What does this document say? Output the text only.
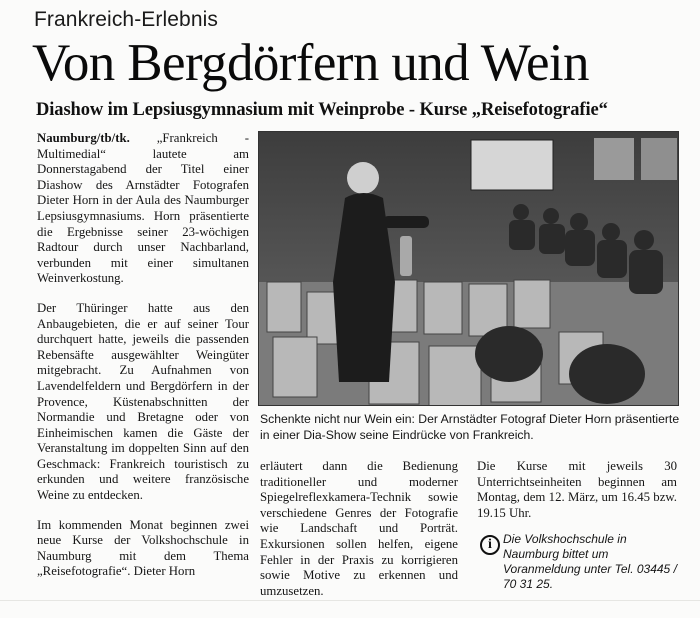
Frankreich-Erlebnis
Von Bergdörfern und Wein
Diashow im Lepsiusgymnasium mit Weinprobe - Kurse „Reisefotografie“

Naumburg/tb/tk. „Frankreich - Multimedial“ lautete am Donnerstagabend der Titel einer Diashow des Arnstädter Fotografen Dieter Horn in der Aula des Naumburger Lepsiusgymnasiums. Horn präsentierte die Ergebnisse seiner 23-wöchigen Radtour durch unser Nachbarland, verbunden mit einer simultanen Weinverkostung.

Der Thüringer hatte aus den Anbaugebieten, die er auf seiner Tour durchquert hatte, jeweils die passenden Rebensäfte ausgewählter Weingüter mitgebracht. Zu Aufnahmen von Lavendelfeldern und Bergdörfern in der Provence, Küstenabschnitten der Normandie und Bretagne oder von Einheimischen kamen die Gäste der Veranstaltung im doppelten Sinn auf den Geschmack: Frankreich touristisch zu erkunden und weitere französische Weine zu entdecken.

Im kommenden Monat beginnen zwei neue Kurse der Volkshochschule in Naumburg mit dem Thema „Reisefotografie“. Dieter Horn

Schenkte nicht nur Wein ein: Der Arnstädter Fotograf Dieter Horn präsentierte in einer Dia-Show seine Eindrücke von Frankreich.

erläutert dann die Bedienung traditioneller und moderner Spiegelreflexkamera-Technik sowie verschiedene Genres der Fotografie wie Landschaft und Porträt. Exkursionen sollen helfen, eigene Fehler in der Praxis zu korrigieren sowie Motive zu erkennen und umzusetzen.

Die Kurse mit jeweils 30 Unterrichtseinheiten beginnen am Montag, dem 12. März, um 16.45 bzw. 19.15 Uhr.

i Die Volkshochschule in Naumburg bittet um Voranmeldung unter Tel. 03445 / 70 31 25.
